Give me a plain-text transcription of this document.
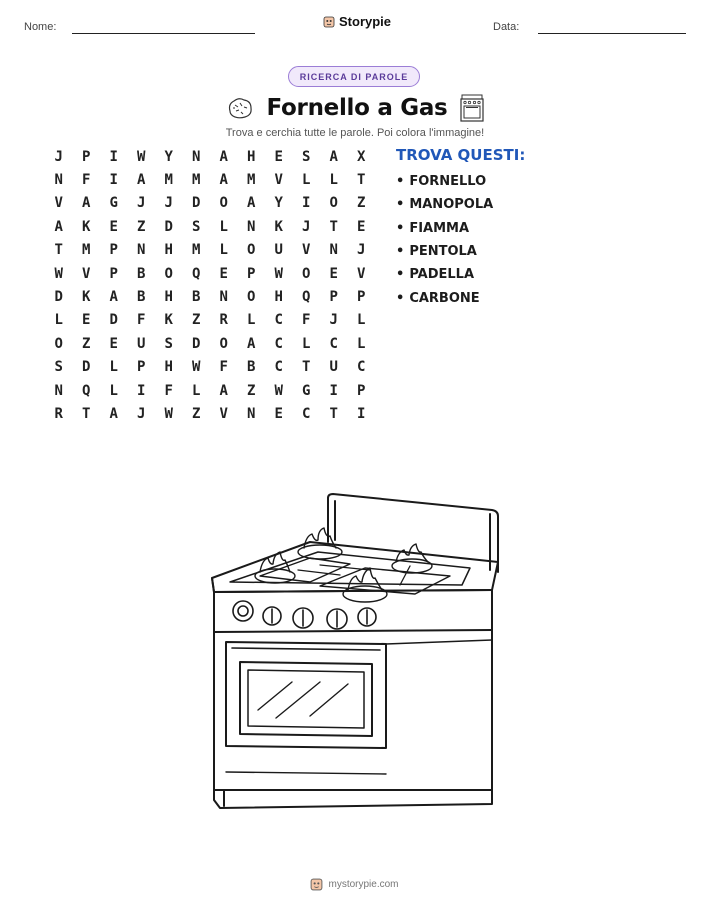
Nome:	Storypie	Data:
RICERCA DI PAROLE
Fornello a Gas
Trova e cerchia tutte le parole. Poi colora l'immagine!
J	P	I	W	Y	N	A	H	E	S	A	X
N	F	I	A	M	M	A	M	V	L	L	T
V	A	G	J	J	D	O	A	Y	I	O	Z
A	K	E	Z	D	S	L	N	K	J	T	E
T	M	P	N	H	M	L	O	U	V	N	J
W	V	P	B	O	Q	E	P	W	O	E	V
D	K	A	B	H	B	N	O	H	Q	P	P
L	E	D	F	K	Z	R	L	C	F	J	L
O	Z	E	U	S	D	O	A	C	L	C	L
S	D	L	P	H	W	F	B	C	T	U	C
N	Q	L	I	F	L	A	Z	W	G	I	P
R	T	A	J	W	Z	V	N	E	C	T	I
TROVA QUESTI:
• FORNELLO
• MANOPOLA
• FIAMMA
• PENTOLA
• PADELLA
• CARBONE
mystorypie.com
